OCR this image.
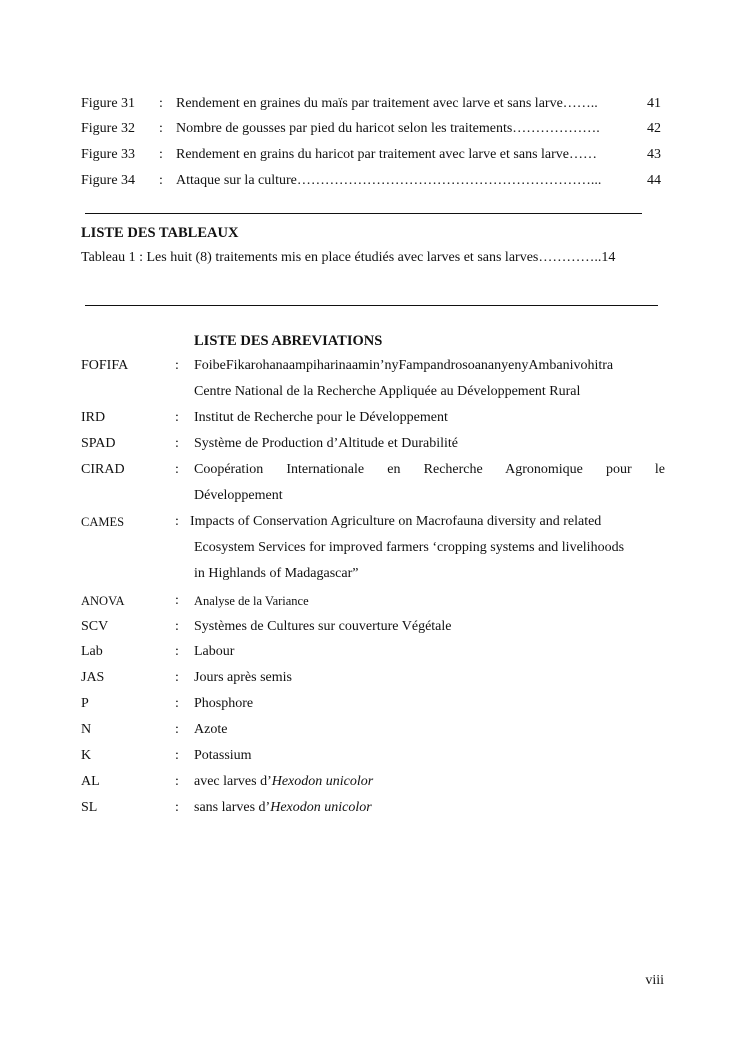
Figure 31 : Rendement en graines du maïs par traitement avec larve et sans larve……..	41
Figure 32 : Nombre de gousses par pied du haricot selon les traitements……………….	42
Figure 33 : Rendement en grains du haricot par traitement avec larve et sans larve……	43
Figure 34 : Attaque sur la culture………………………………………………………...	44
LISTE DES TABLEAUX
Tableau 1 : Les huit (8) traitements mis en place étudiés avec larves et sans larves…………..14
LISTE DES ABREVIATIONS
FOFIFA	: FoibeFikarohanaampiharinaamin’nyFampandrosoananyenyAmbanivohitra
Centre National de la Recherche Appliquée au Développement Rural
IRD	: Institut de Recherche pour le Développement
SPAD	: Système de Production d’Altitude et Durabilité
CIRAD	: Coopération Internationale en Recherche Agronomique pour le
Développement
CAMES	: Impacts of Conservation Agriculture on Macrofauna diversity and related
Ecosystem Services for improved farmers ‘cropping systems and livelihoods
in Highlands of Madagascar”
ANOVA	: Analyse de la Variance
SCV	: Systèmes de Cultures sur couverture Végétale
Lab	: Labour
JAS	: Jours après semis
P	: Phosphore
N	: Azote
K	: Potassium
AL	: avec larves d’Hexodon unicolor
SL	: sans larves d’Hexodon unicolor
viii
